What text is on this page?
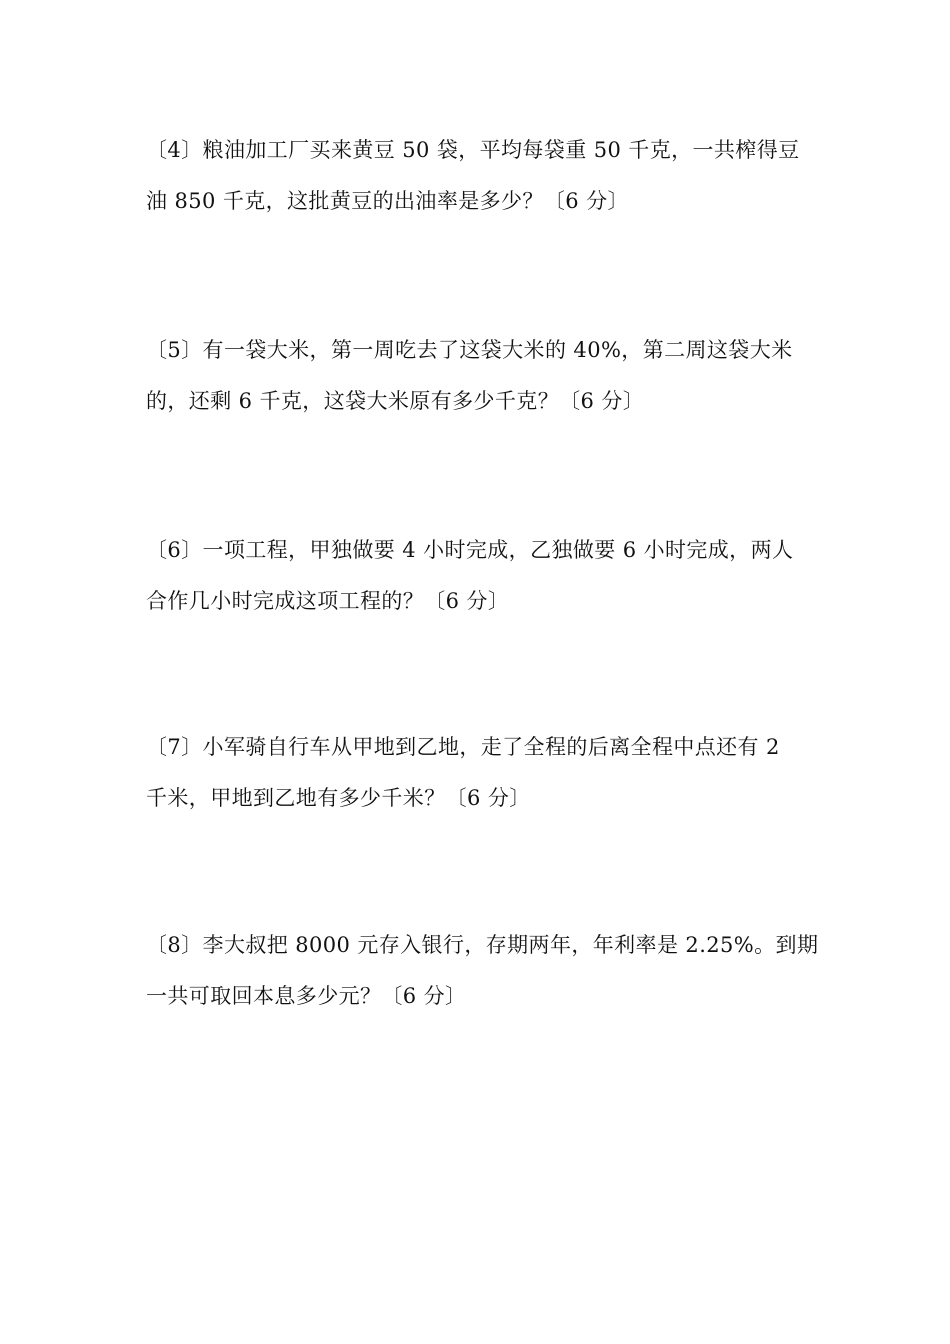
〔4〕粮油加工厂买来黄豆 50 袋，平均每袋重 50 千克，一共榨得豆
油 850 千克，这批黄豆的出油率是多少？〔6 分〕
〔5〕有一袋大米，第一周吃去了这袋大米的 40%，第二周这袋大米
的，还剩 6 千克，这袋大米原有多少千克？〔6 分〕
〔6〕一项工程，甲独做要 4 小时完成，乙独做要 6 小时完成，两人
合作几小时完成这项工程的？〔6 分〕
〔7〕小军骑自行车从甲地到乙地，走了全程的后离全程中点还有 2
千米，甲地到乙地有多少千米？〔6 分〕
〔8〕李大叔把 8000 元存入银行，存期两年，年利率是 2.25%。到期
一共可取回本息多少元？〔6 分〕
